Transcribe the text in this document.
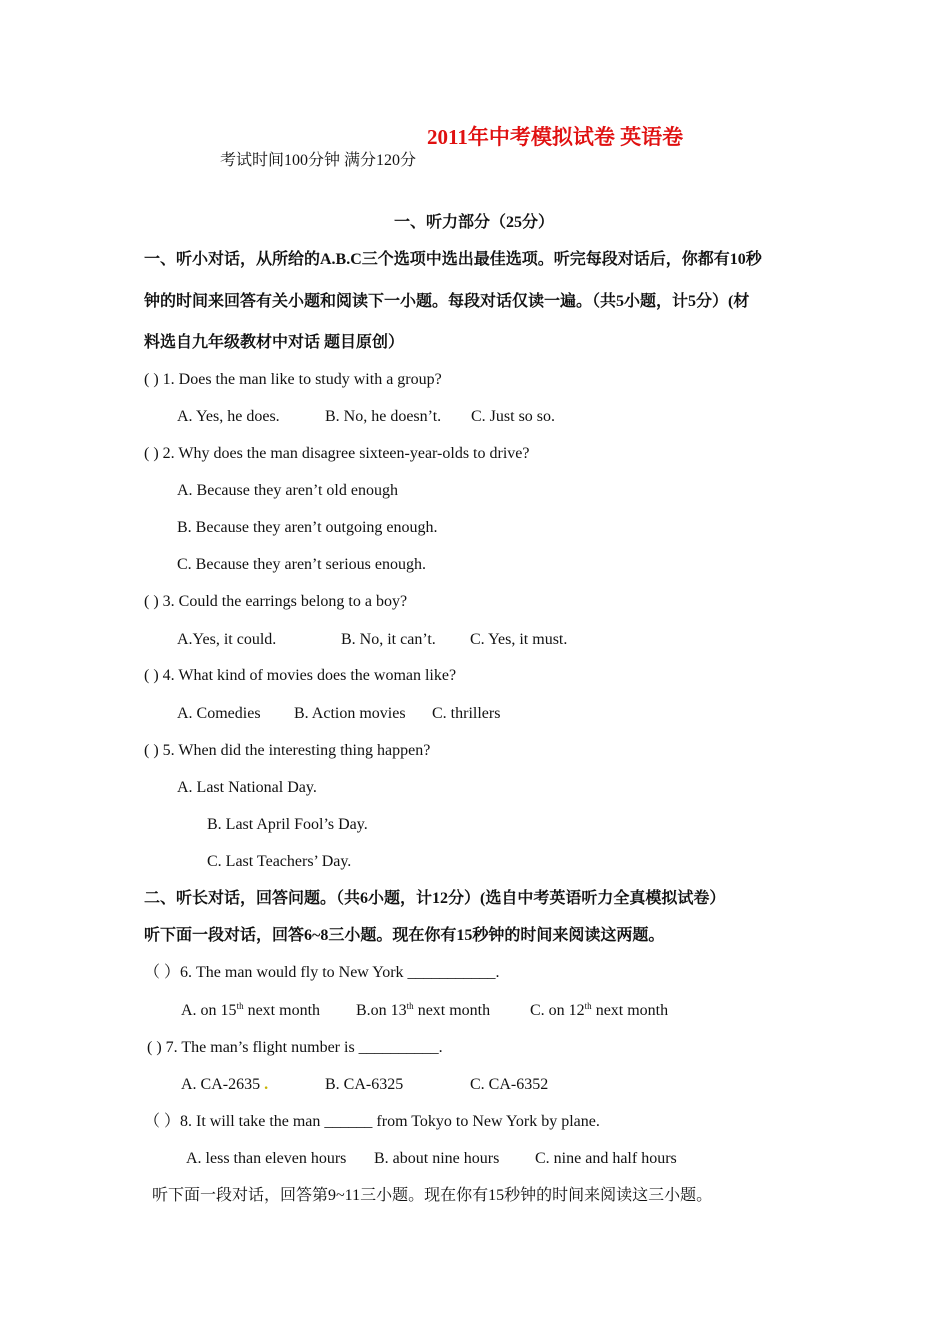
2011年中考模拟试卷 英语卷
考试时间100分钟 满分120分
一、听力部分（25分）
一、听小对话，从所给的A.B.C三个选项中选出最佳选项。听完每段对话后，你都有10秒
钟的时间来回答有关小题和阅读下一小题。每段对话仅读一遍。（共5小题，计5分）(材
料选自九年级教材中对话 题目原创）
( ) 1. Does the man like to study with a group?
A. Yes, he does.	B. No, he doesn’t. C. Just so so.
( ) 2. Why does the man disagree sixteen-year-olds to drive?
A. Because they aren’t old enough
B. Because they aren’t outgoing enough.
C. Because they aren’t serious enough.
( ) 3. Could the earrings belong to a boy?
A.Yes, it could.	B. No, it can’t. C. Yes, it must.
( ) 4. What kind of movies does the woman like?
A. Comedies B. Action movies C. thrillers
( ) 5. When did the interesting thing happen?
A. Last National Day.
B. Last April Fool’s Day.
C. Last Teachers’ Day.
二、听长对话，回答问题。（共6小题，计12分）(选自中考英语听力全真模拟试卷）
听下面一段对话，回答6~8三小题。现在你有15秒钟的时间来阅读这两题。
（ ）6. The man would fly to New York ___________.
A. on 15th next month B.on 13th next month C. on 12th next month
( ) 7. The man’s flight number is __________.
A. CA-2635 .	B. CA-6325	C. CA-6352
（ ）8. It will take the man ______ from Tokyo to New York by plane.
A. less than eleven hours B. about nine hours C. nine and half hours
听下面一段对话，回答第9~11三小题。现在你有15秒钟的时间来阅读这三小题。
